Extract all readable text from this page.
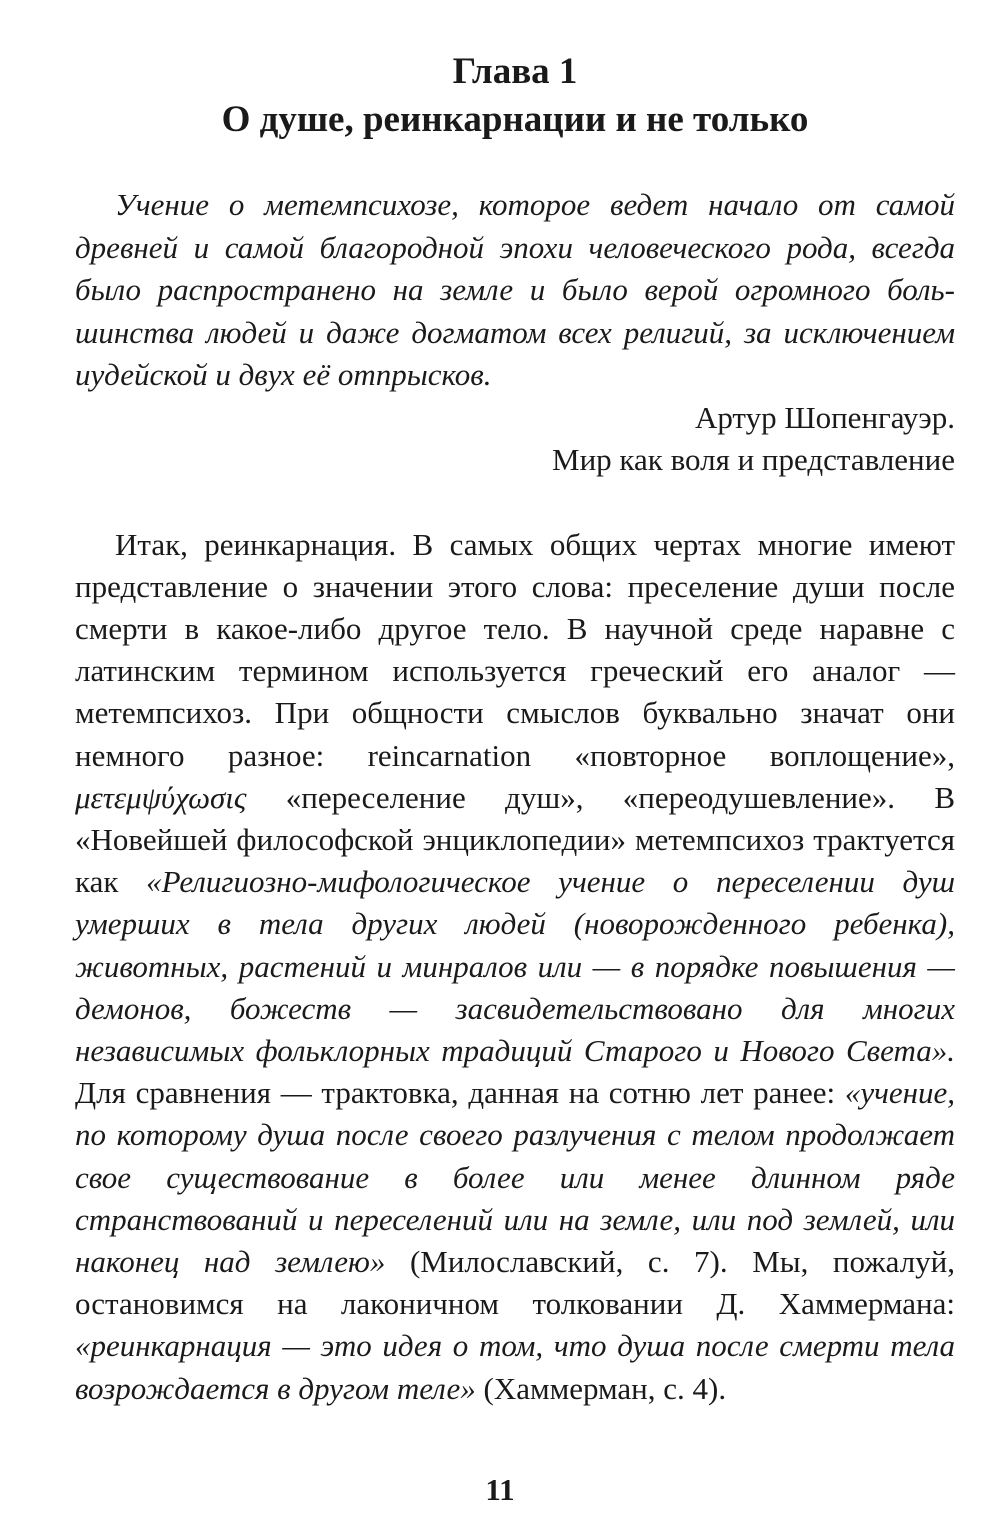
Глава 1
О душе, реинкарнации и не только

Учение о метемпсихозе, которое ведет начало от самой древней и самой благородной эпохи человеческого рода, всегда было распространено на земле и было верой огромного большинства людей и даже догматом всех религий, за исключением иудейской и двух её отпрысков.

Артур Шопенгауэр.

Мир как воля и представление

Итак, реинкарнация. В самых общих чертах многие имеют представление о значении этого слова: преселение души после смерти в какое-либо другое тело. В научной среде наравне с латинским термином используется греческий его аналог — метемпсихоз. При общности смыслов буквально значат они немного разное: reincarnation «повторное воплощение», μετεμψύχωσις «переселение душ», «переодушевление». В «Новейшей философской энциклопедии» метемпсихоз трактуется как «Религиозно-мифологическое учение о переселении душ умерших в тела других людей (новорожденного ребенка), животных, растений и минралов или — в порядке повышения — демонов, божеств — засвидетельствовано для многих независимых фольклорных традиций Старого и Нового Света». Для сравнения — трактовка, данная на сотню лет ранее: «учение, по которому душа после своего разлучения с телом продолжает свое существование в более или менее длинном ряде странствований и переселений или на земле, или под землей, или наконец над землею» (Милославский, с. 7). Мы, пожалуй, остановимся на лаконичном толковании Д. Хаммермана: «реинкарнация — это идея о том, что душа после смерти тела возрождается в другом теле» (Хаммерман, с. 4).

11
